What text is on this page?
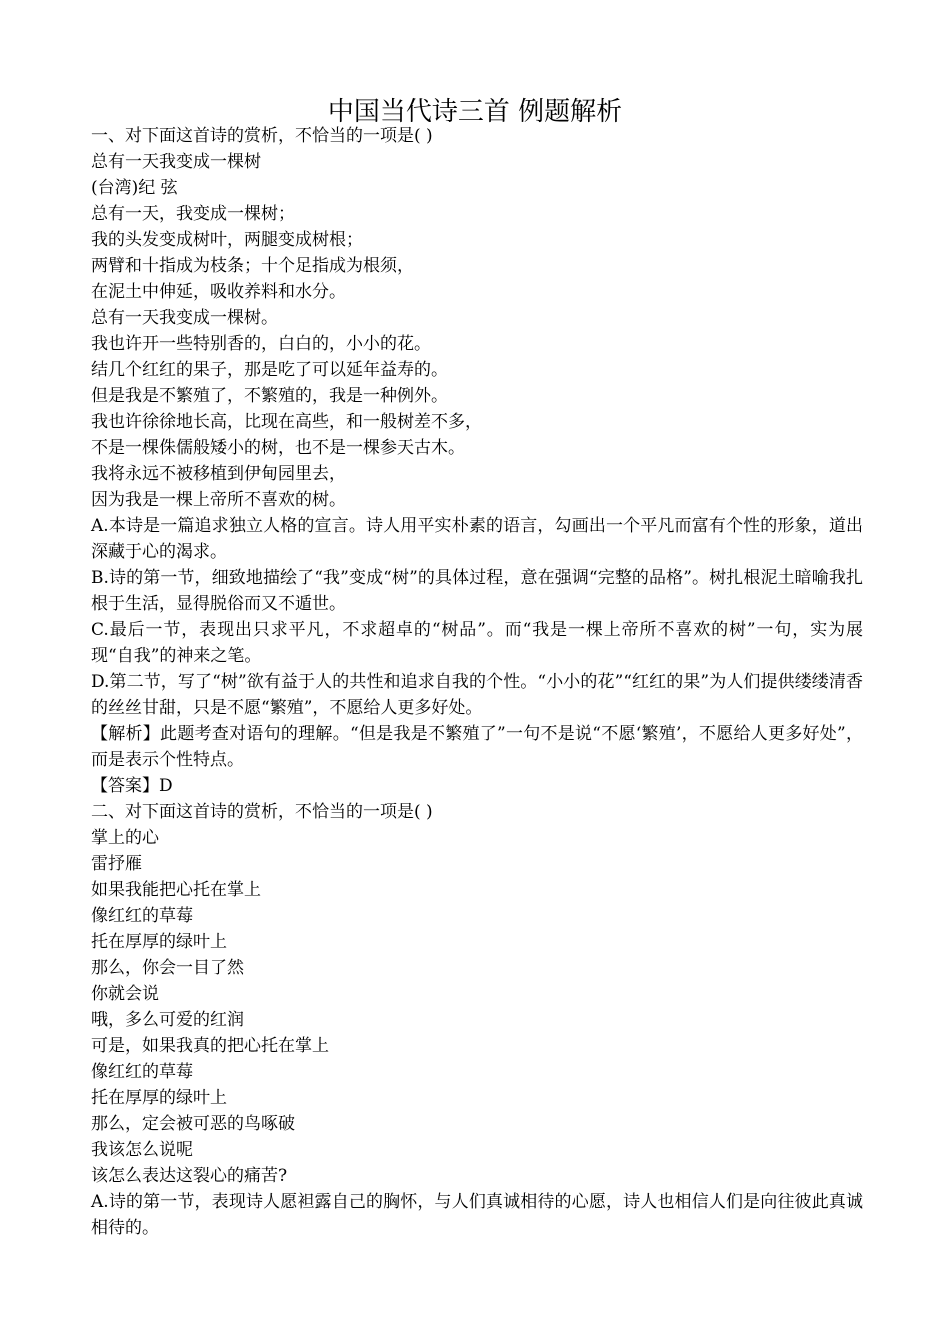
中国当代诗三首 例题解析
一、对下面这首诗的赏析，不恰当的一项是( )
总有一天我变成一棵树
(台湾)纪 弦
总有一天，我变成一棵树；
我的头发变成树叶，两腿变成树根；
两臂和十指成为枝条；十个足指成为根须，
在泥土中伸延，吸收养料和水分。
总有一天我变成一棵树。
我也许开一些特别香的，白白的，小小的花。
结几个红红的果子，那是吃了可以延年益寿的。
但是我是不繁殖了，不繁殖的，我是一种例外。
我也许徐徐地长高，比现在高些，和一般树差不多，
不是一棵侏儒般矮小的树，也不是一棵参天古木。
我将永远不被移植到伊甸园里去，
因为我是一棵上帝所不喜欢的树。
A.本诗是一篇追求独立人格的宣言。诗人用平实朴素的语言，勾画出一个平凡而富有个性的形象，道出深藏于心的渴求。
B.诗的第一节，细致地描绘了“我”变成“树”的具体过程，意在强调“完整的品格”。树扎根泥土暗喻我扎根于生活，显得脱俗而又不遁世。
C.最后一节，表现出只求平凡，不求超卓的“树品”。而“我是一棵上帝所不喜欢的树”一句，实为展现“自我”的神来之笔。
D.第二节，写了“树”欲有益于人的共性和追求自我的个性。“小小的花”“红红的果”为人们提供缕缕清香的丝丝甘甜，只是不愿“繁殖”，不愿给人更多好处。
【解析】此题考查对语句的理解。“但是我是不繁殖了”一句不是说“不愿‘繁殖’，不愿给人更多好处”，而是表示个性特点。
【答案】D
二、对下面这首诗的赏析，不恰当的一项是( )
掌上的心
雷抒雁
如果我能把心托在掌上
像红红的草莓
托在厚厚的绿叶上
那么，你会一目了然
你就会说
哦，多么可爱的红润
可是，如果我真的把心托在掌上
像红红的草莓
托在厚厚的绿叶上
那么，定会被可恶的鸟啄破
我该怎么说呢
该怎么表达这裂心的痛苦?
A.诗的第一节，表现诗人愿袒露自己的胸怀，与人们真诚相待的心愿，诗人也相信人们是向往彼此真诚相待的。
